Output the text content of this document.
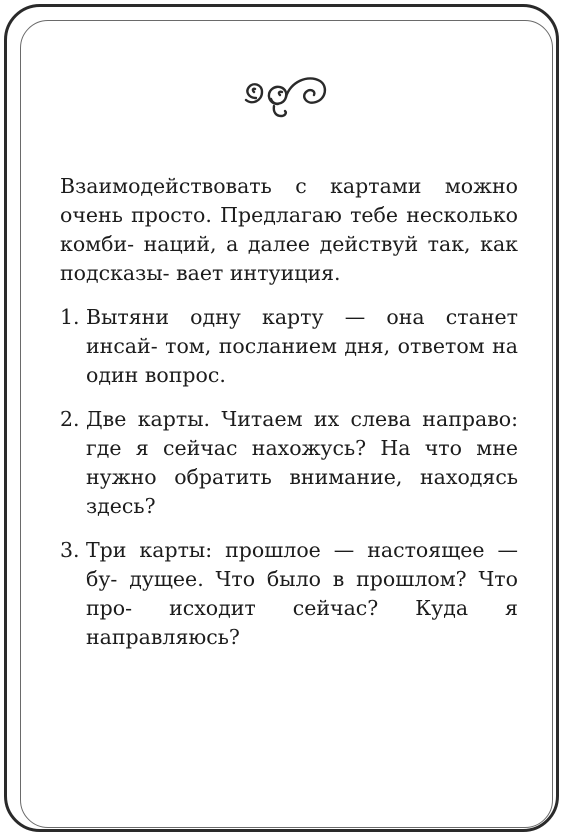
Взаимодействовать с картами можно очень просто. Предлагаю тебе несколько комби- наций, а далее действуй так, как подсказы- вает интуиция.

1. Вытяни одну карту — она станет инсай- том, посланием дня, ответом на один вопрос.
2. Две карты. Читаем их слева направо: где я сейчас нахожусь? На что мне нужно обратить внимание, находясь здесь?
3. Три карты: прошлое — настоящее — бу- дущее. Что было в прошлом? Что про- исходит сейчас? Куда я направляюсь?
